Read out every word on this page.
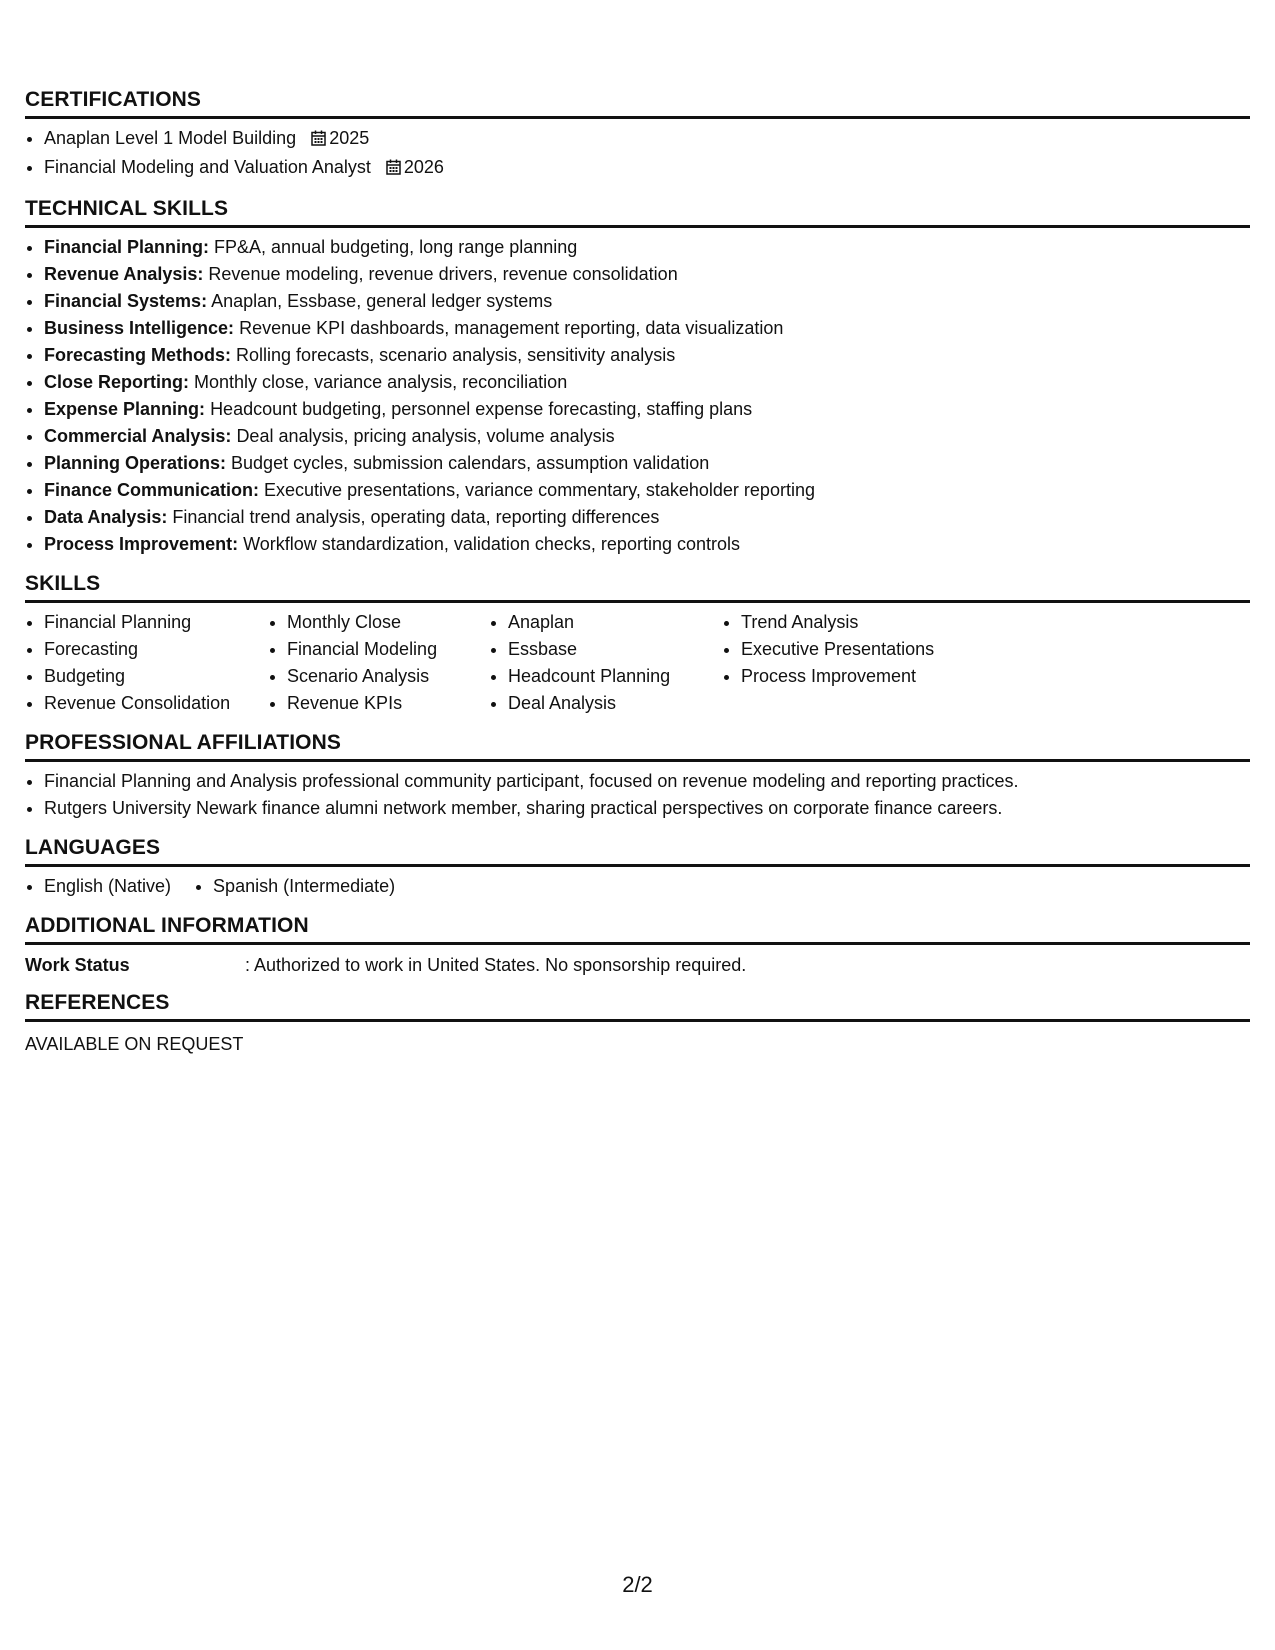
CERTIFICATIONS
• Anaplan Level 1 Model Building 2025
• Financial Modeling and Valuation Analyst 2026
TECHNICAL SKILLS
• Financial Planning: FP&A, annual budgeting, long range planning
• Revenue Analysis: Revenue modeling, revenue drivers, revenue consolidation
• Financial Systems: Anaplan, Essbase, general ledger systems
• Business Intelligence: Revenue KPI dashboards, management reporting, data visualization
• Forecasting Methods: Rolling forecasts, scenario analysis, sensitivity analysis
• Close Reporting: Monthly close, variance analysis, reconciliation
• Expense Planning: Headcount budgeting, personnel expense forecasting, staffing plans
• Commercial Analysis: Deal analysis, pricing analysis, volume analysis
• Planning Operations: Budget cycles, submission calendars, assumption validation
• Finance Communication: Executive presentations, variance commentary, stakeholder reporting
• Data Analysis: Financial trend analysis, operating data, reporting differences
• Process Improvement: Workflow standardization, validation checks, reporting controls
SKILLS
• Financial Planning
• Forecasting
• Budgeting
• Revenue Consolidation
• Monthly Close
• Financial Modeling
• Scenario Analysis
• Revenue KPIs
• Anaplan
• Essbase
• Headcount Planning
• Deal Analysis
• Trend Analysis
• Executive Presentations
• Process Improvement
PROFESSIONAL AFFILIATIONS
• Financial Planning and Analysis professional community participant, focused on revenue modeling and reporting practices.
• Rutgers University Newark finance alumni network member, sharing practical perspectives on corporate finance careers.
LANGUAGES
• English (Native)
• Spanish (Intermediate)
ADDITIONAL INFORMATION
Work Status	: Authorized to work in United States. No sponsorship required.
REFERENCES
AVAILABLE ON REQUEST
2/2
